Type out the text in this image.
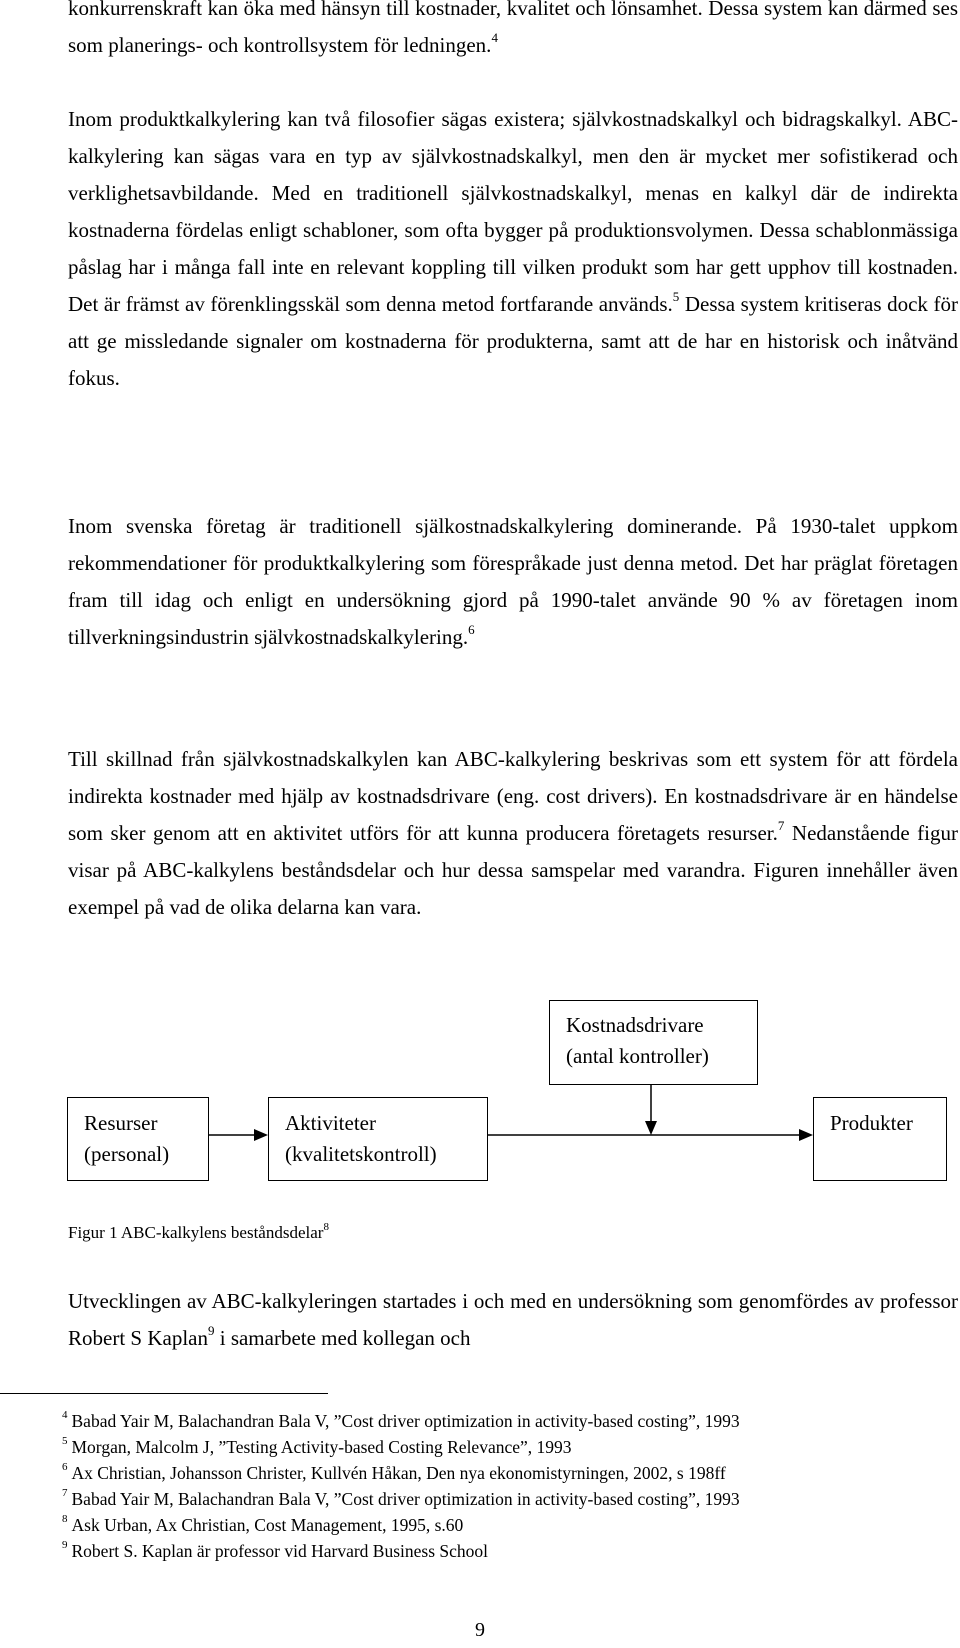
konkurrenskraft kan öka med hänsyn till kostnader, kvalitet och lönsamhet. Dessa system kan därmed ses som planerings- och kontrollsystem för ledningen.$^4$

Inom produktkalkylering kan två filosofier sägas existera; självkostnadskalkyl och bidragskalkyl. ABC-kalkylering kan sägas vara en typ av självkostnadskalkyl, men den är mycket mer sofistikerad och verklighetsavbildande. Med en traditionell självkostnadskalkyl, menas en kalkyl där de indirekta kostnaderna fördelas enligt schabloner, som ofta bygger på produktionsvolymen. Dessa schablonmässiga påslag har i många fall inte en relevant koppling till vilken produkt som har gett upphov till kostnaden. Det är främst av förenklingsskäl som denna metod fortfarande används.$^5$ Dessa system kritiseras dock för att ge missledande signaler om kostnaderna för produkterna, samt att de har en historisk och inåtvänd fokus.

Inom svenska företag är traditionell själkostnadskalkylering dominerande. På 1930-talet uppkom rekommendationer för produktkalkylering som förespråkade just denna metod. Det har präglat företagen fram till idag och enligt en undersökning gjord på 1990-talet använde 90 % av företagen inom tillverkningsindustrin självkostnadskalkylering.$^6$

Till skillnad från självkostnadskalkylen kan ABC-kalkylering beskrivas som ett system för att fördela indirekta kostnader med hjälp av kostnadsdrivare (eng. cost drivers). En kostnadsdrivare är en händelse som sker genom att en aktivitet utförs för att kunna producera företagets resurser.$^7$ Nedanstående figur visar på ABC-kalkylens beståndsdelar och hur dessa samspelar med varandra. Figuren innehåller även exempel på vad de olika delarna kan vara.

Kostnadsdrivare
(antal kontroller)
Resurser
(personal)
Aktiviteter
(kvalitetskontroll)
Produkter
Figur 1 ABC-kalkylens beståndsdelar$^8$

Utvecklingen av ABC-kalkyleringen startades i och med en undersökning som genomfördes av professor Robert S Kaplan$^9$ i samarbete med kollegan och

$^4$ Babad Yair M, Balachandran Bala V, ”Cost driver optimization in activity-based costing”, 1993
$^5$ Morgan, Malcolm J, ”Testing Activity-based Costing Relevance”, 1993
$^6$ Ax Christian, Johansson Christer, Kullvén Håkan, Den nya ekonomistyrningen, 2002, s 198ff
$^7$ Babad Yair M, Balachandran Bala V, ”Cost driver optimization in activity-based costing”, 1993
$^8$ Ask Urban, Ax Christian, Cost Management, 1995, s.60
$^9$ Robert S. Kaplan är professor vid Harvard Business School
9
